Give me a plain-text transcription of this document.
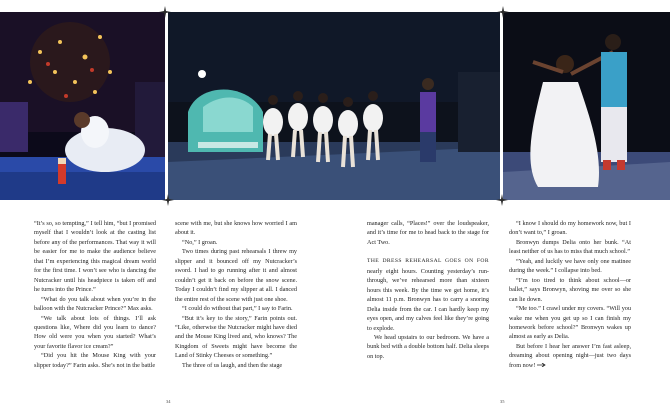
“It’s so, so tempting,” I tell him, “but I promised myself that I wouldn’t look at the casting list before any of the performances. That way it will be easier for me to make the audience believe that I’m experiencing this magical dream world for the first time. I won’t see who is dancing the Nutcracker until his headpiece is taken off and he turns into the Prince.”

“What do you talk about when you’re in the balloon with the Nutcracker Prince?” Max asks.

“We talk about lots of things. I’ll ask questions like, Where did you learn to dance? How old were you when you started? What’s your favorite flavor ice cream?”

“Did you hit the Mouse King with your slipper today?” Farin asks. She’s not in the battle

scene with me, but she knows how worried I am about it.

“No,” I groan.

Two times during past rehearsals I threw my slipper and it bounced off my Nutcracker’s sword. I had to go running after it and almost couldn’t get it back on before the snow scene. Today I couldn’t find my slipper at all. I danced the entire rest of the scene with just one shoe.

“I could do without that part,” I say to Farin.

“But it’s key to the story,” Farin points out. “Like, otherwise the Nutcracker might have died and the Mouse King lived and, who knows? The Kingdom of Sweets might have become the Land of Stinky Cheeses or something.”

The three of us laugh, and then the stage

manager calls, “Places!” over the loudspeaker, and it’s time for me to head back to the stage for Act Two.

THE DRESS REHEARSAL GOES ON FOR nearly eight hours. Counting yesterday’s run-through, we’ve rehearsed more than sixteen hours this week. By the time we get home, it’s almost 11 p.m. Bronwyn has to carry a snoring Delia inside from the car. I can hardly keep my eyes open, and my calves feel like they’re going to explode.

We head upstairs to our bedroom. We have a bunk bed with a double bottom half. Delia sleeps on top.

“I know I should do my homework now, but I don’t want to,” I groan.

Bronwyn dumps Delia onto her bunk. “At least neither of us has to miss that much school.”

“Yeah, and luckily we have only one matinee during the week.” I collapse into bed.

“I’m too tired to think about school—or ballet,” says Bronwyn, shoving me over so she can lie down.

“Me too.” I crawl under my covers. “Will you wake me when you get up so I can finish my homework before school?” Bronwyn wakes up almost as early as Delia.

But before I hear her answer I’m fast asleep, dreaming about opening night—just two days from now!

34	35
